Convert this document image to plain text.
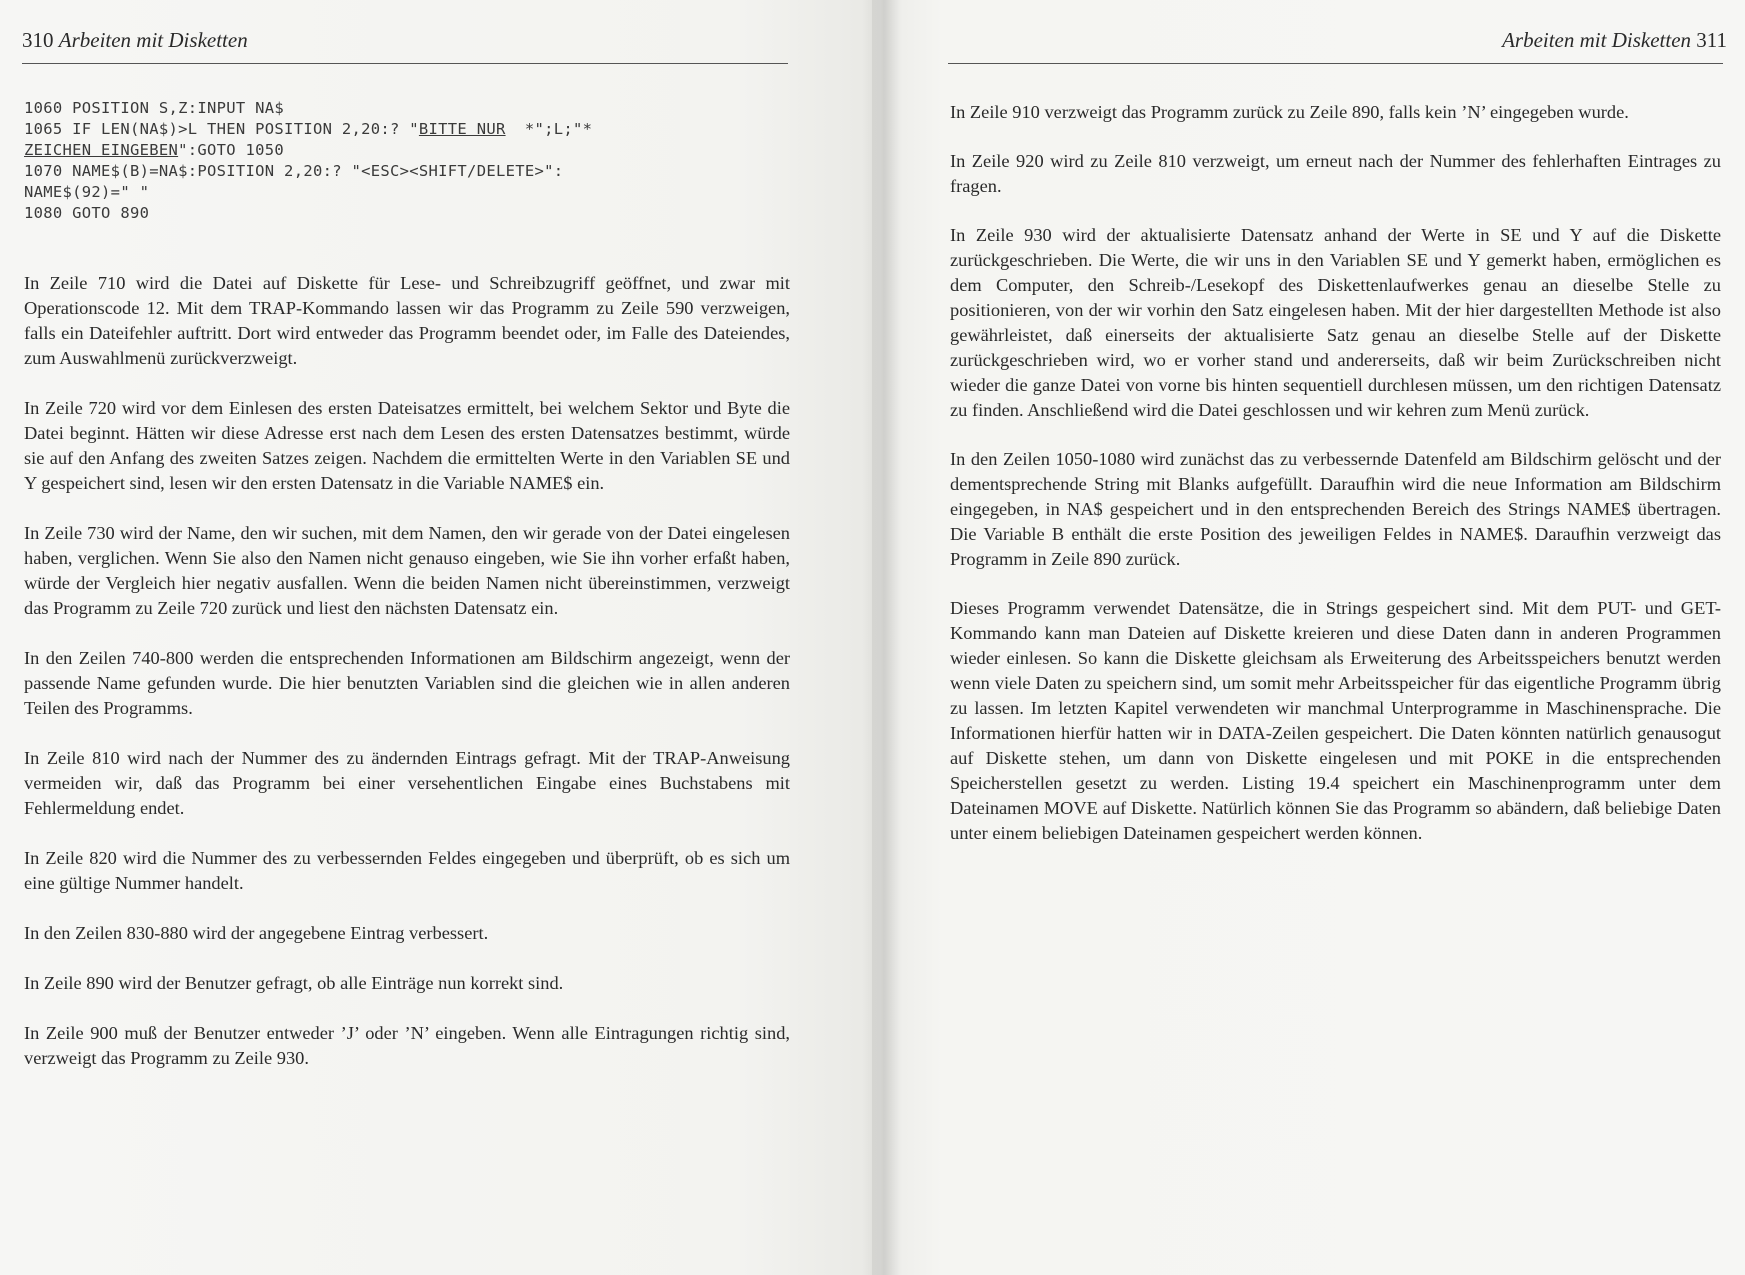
310 Arbeiten mit Disketten
1060 POSITION S,Z:INPUT NA$
1065 IF LEN(NA$)>L THEN POSITION 2,20:? "BITTE NUR  *";L;"*
ZEICHEN EINGEBEN":GOTO 1050
1070 NAME$(B)=NA$:POSITION 2,20:? "<ESC><SHIFT/DELETE>":
NAME$(92)=" "
1080 GOTO 890

In Zeile 710 wird die Datei auf Diskette für Lese- und Schreibzugriff geöffnet, und zwar mit Operationscode 12. Mit dem TRAP-Kommando lassen wir das Programm zu Zeile 590 verzweigen, falls ein Dateifehler auftritt. Dort wird entweder das Programm beendet oder, im Falle des Dateiendes, zum Auswahlmenü zurückverzweigt.

In Zeile 720 wird vor dem Einlesen des ersten Dateisatzes ermittelt, bei welchem Sektor und Byte die Datei beginnt. Hätten wir diese Adresse erst nach dem Lesen des ersten Datensatzes bestimmt, würde sie auf den Anfang des zweiten Satzes zeigen. Nachdem die ermittelten Werte in den Variablen SE und Y gespeichert sind, lesen wir den ersten Datensatz in die Variable NAME$ ein.

In Zeile 730 wird der Name, den wir suchen, mit dem Namen, den wir gerade von der Datei eingelesen haben, verglichen. Wenn Sie also den Namen nicht genauso eingeben, wie Sie ihn vorher erfaßt haben, würde der Vergleich hier negativ ausfallen. Wenn die beiden Namen nicht übereinstimmen, verzweigt das Programm zu Zeile 720 zurück und liest den nächsten Datensatz ein.

In den Zeilen 740-800 werden die entsprechenden Informationen am Bildschirm angezeigt, wenn der passende Name gefunden wurde. Die hier benutzten Variablen sind die gleichen wie in allen anderen Teilen des Programms.

In Zeile 810 wird nach der Nummer des zu ändernden Eintrags gefragt. Mit der TRAP-Anweisung vermeiden wir, daß das Programm bei einer versehentlichen Eingabe eines Buchstabens mit Fehlermeldung endet.

In Zeile 820 wird die Nummer des zu verbessernden Feldes eingegeben und überprüft, ob es sich um eine gültige Nummer handelt.

In den Zeilen 830-880 wird der angegebene Eintrag verbessert.

In Zeile 890 wird der Benutzer gefragt, ob alle Einträge nun korrekt sind.

In Zeile 900 muß der Benutzer entweder ’J’ oder ’N’ eingeben. Wenn alle Eintragungen richtig sind, verzweigt das Programm zu Zeile 930.

Arbeiten mit Disketten 311

In Zeile 910 verzweigt das Programm zurück zu Zeile 890, falls kein ’N’ eingegeben wurde.

In Zeile 920 wird zu Zeile 810 verzweigt, um erneut nach der Nummer des fehlerhaften Eintrages zu fragen.

In Zeile 930 wird der aktualisierte Datensatz anhand der Werte in SE und Y auf die Diskette zurückgeschrieben. Die Werte, die wir uns in den Variablen SE und Y gemerkt haben, ermöglichen es dem Computer, den Schreib-/Lesekopf des Diskettenlaufwerkes genau an dieselbe Stelle zu positionieren, von der wir vorhin den Satz eingelesen haben. Mit der hier dargestellten Methode ist also gewährleistet, daß einerseits der aktualisierte Satz genau an dieselbe Stelle auf der Diskette zurückgeschrieben wird, wo er vorher stand und andererseits, daß wir beim Zurückschreiben nicht wieder die ganze Datei von vorne bis hinten sequentiell durchlesen müssen, um den richtigen Datensatz zu finden. Anschließend wird die Datei geschlossen und wir kehren zum Menü zurück.

In den Zeilen 1050-1080 wird zunächst das zu verbessernde Datenfeld am Bildschirm gelöscht und der dementsprechende String mit Blanks aufgefüllt. Daraufhin wird die neue Information am Bildschirm eingegeben, in NA$ gespeichert und in den entsprechenden Bereich des Strings NAME$ übertragen. Die Variable B enthält die erste Position des jeweiligen Feldes in NAME$. Daraufhin verzweigt das Programm in Zeile 890 zurück.

Dieses Programm verwendet Datensätze, die in Strings gespeichert sind. Mit dem PUT- und GET-Kommando kann man Dateien auf Diskette kreieren und diese Daten dann in anderen Programmen wieder einlesen. So kann die Diskette gleichsam als Erweiterung des Arbeitsspeichers benutzt werden wenn viele Daten zu speichern sind, um somit mehr Arbeitsspeicher für das eigentliche Programm übrig zu lassen. Im letzten Kapitel verwendeten wir manchmal Unterprogramme in Maschinensprache. Die Informationen hierfür hatten wir in DATA-Zeilen gespeichert. Die Daten könnten natürlich genausogut auf Diskette stehen, um dann von Diskette eingelesen und mit POKE in die entsprechenden Speicherstellen gesetzt zu werden. Listing 19.4 speichert ein Maschinenprogramm unter dem Dateinamen MOVE auf Diskette. Natürlich können Sie das Programm so abändern, daß beliebige Daten unter einem beliebigen Dateinamen gespeichert werden können.
